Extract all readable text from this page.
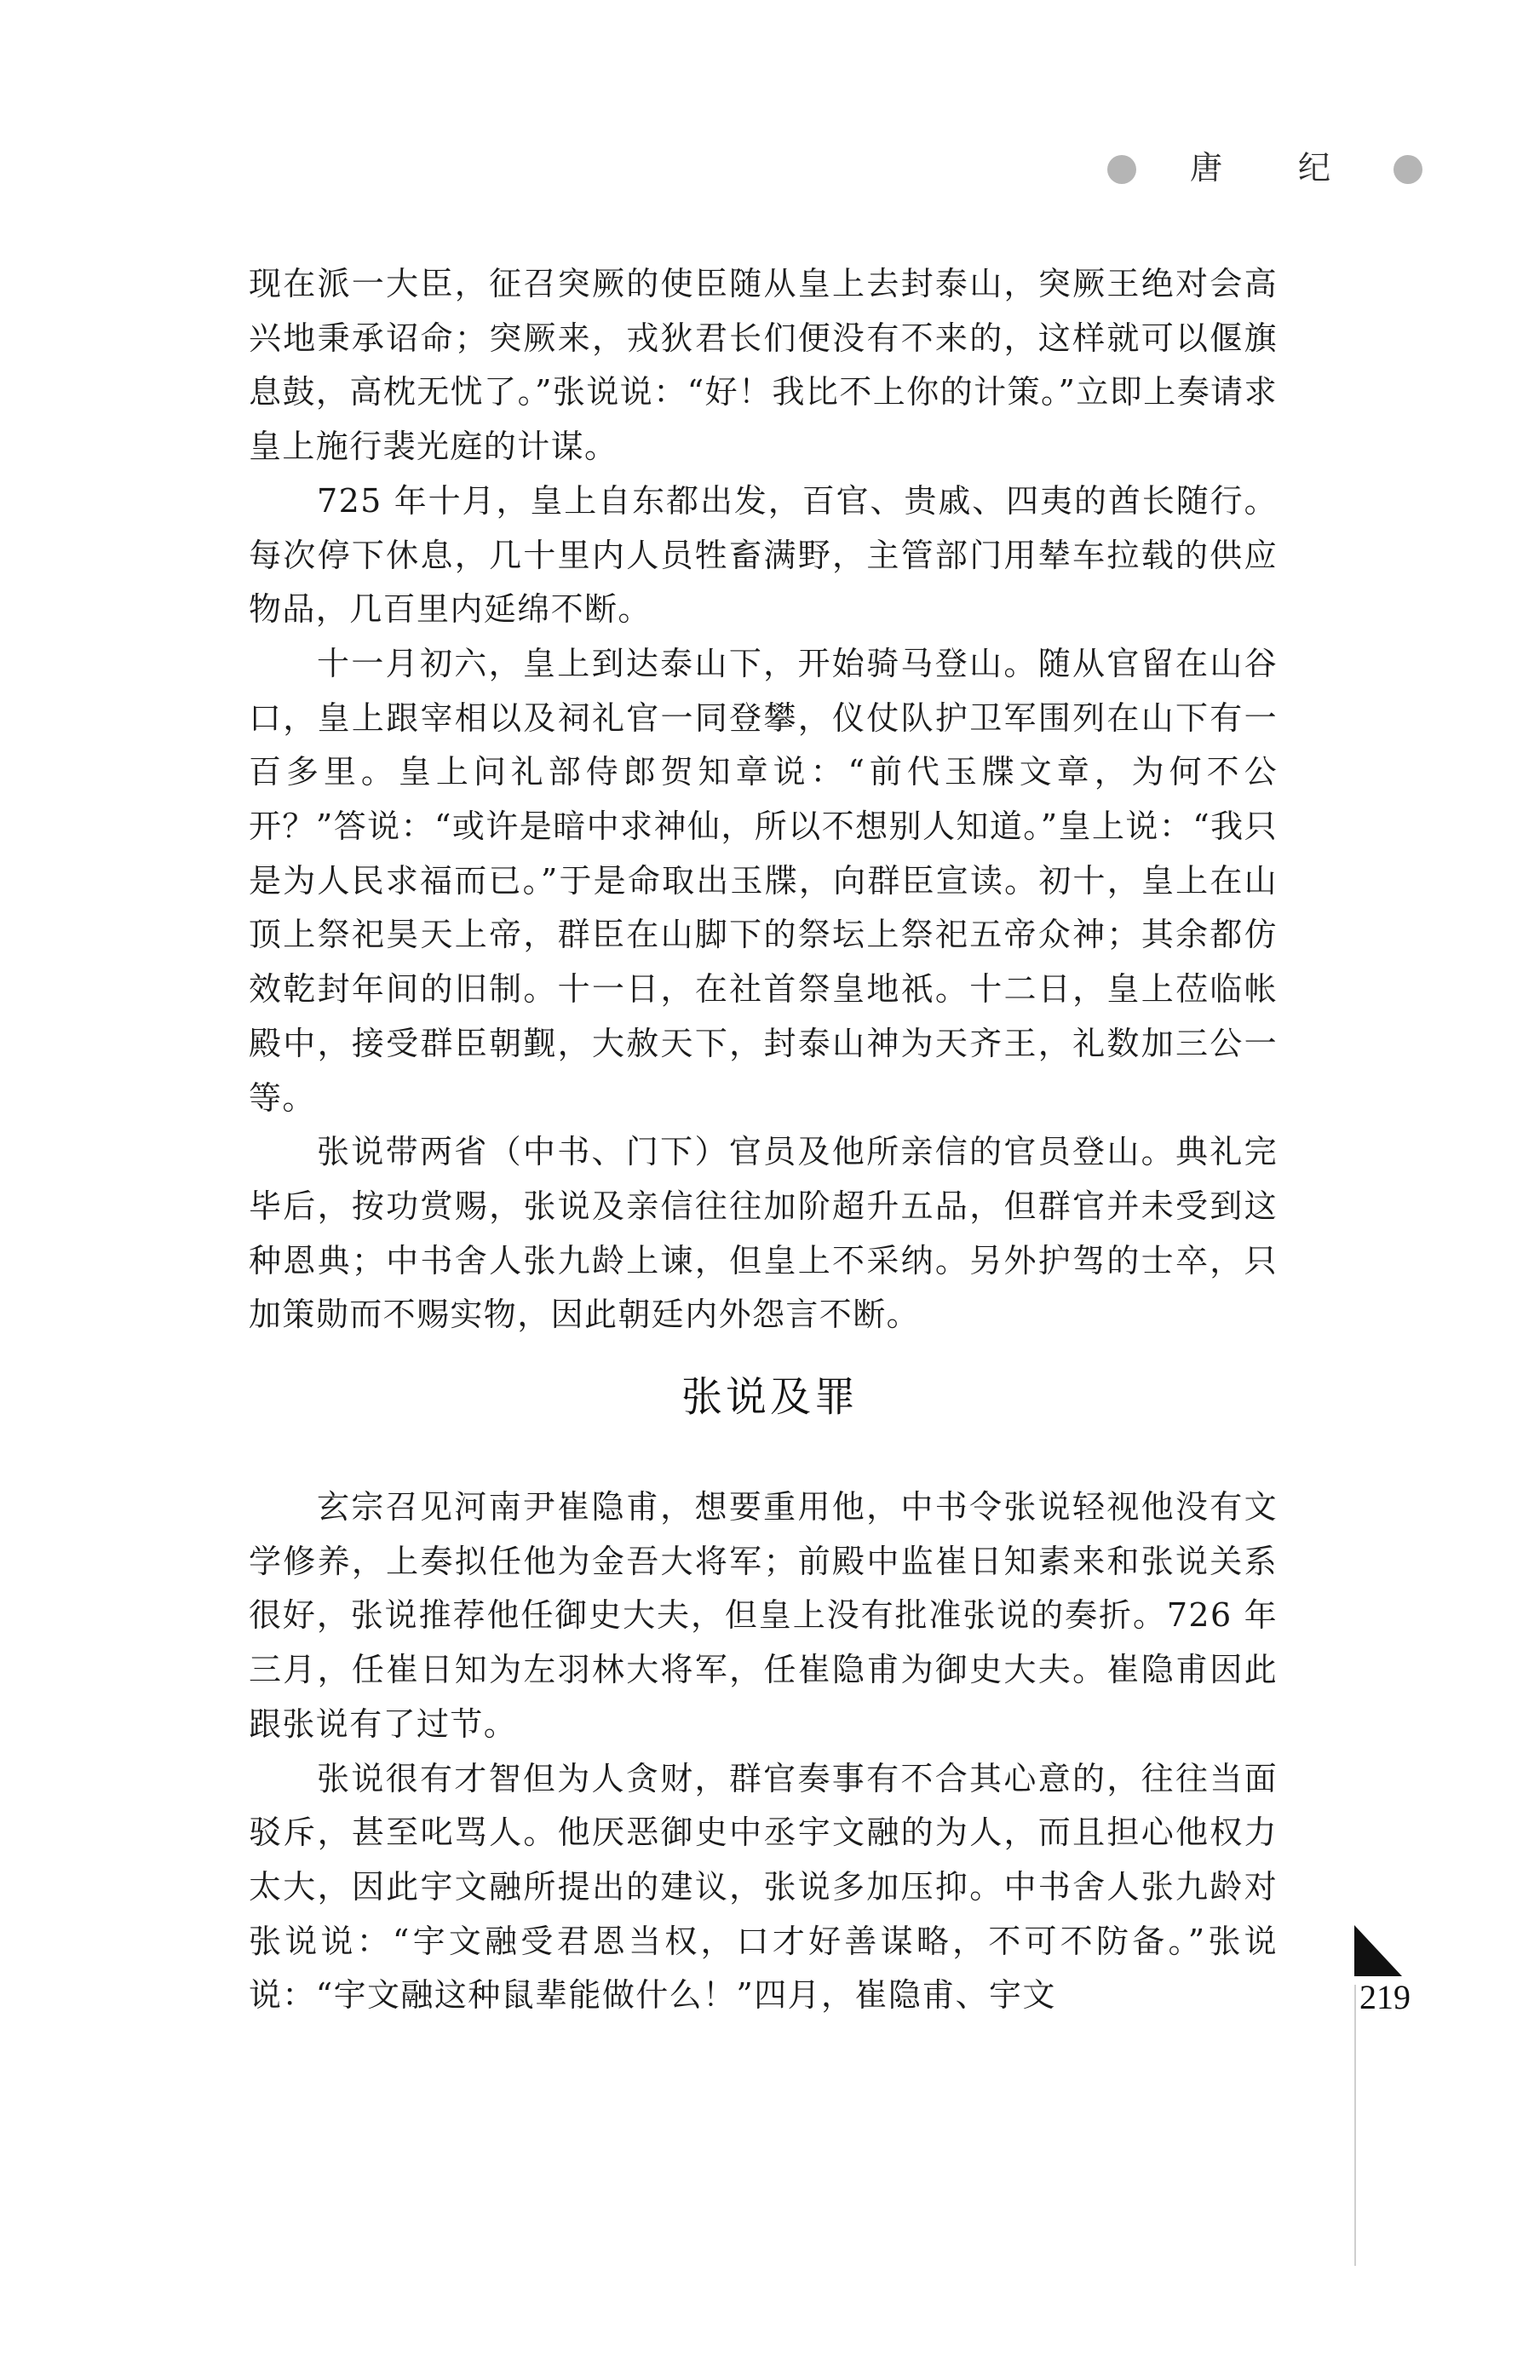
唐 纪

现在派一大臣，征召突厥的使臣随从皇上去封泰山，突厥王绝对会高兴地秉承诏命；突厥来，戎狄君长们便没有不来的，这样就可以偃旗息鼓，高枕无忧了。”张说说：“好！我比不上你的计策。”立即上奏请求皇上施行裴光庭的计谋。

725 年十月，皇上自东都出发，百官、贵戚、四夷的酋长随行。每次停下休息，几十里内人员牲畜满野，主管部门用辇车拉载的供应物品，几百里内延绵不断。

十一月初六，皇上到达泰山下，开始骑马登山。随从官留在山谷口，皇上跟宰相以及祠礼官一同登攀，仪仗队护卫军围列在山下有一百多里。皇上问礼部侍郎贺知章说：“前代玉牒文章，为何不公开？”答说：“或许是暗中求神仙，所以不想别人知道。”皇上说：“我只是为人民求福而已。”于是命取出玉牒，向群臣宣读。初十，皇上在山顶上祭祀昊天上帝，群臣在山脚下的祭坛上祭祀五帝众神；其余都仿效乾封年间的旧制。十一日，在社首祭皇地祇。十二日，皇上莅临帐殿中，接受群臣朝觐，大赦天下，封泰山神为天齐王，礼数加三公一等。

张说带两省（中书、门下）官员及他所亲信的官员登山。典礼完毕后，按功赏赐，张说及亲信往往加阶超升五品，但群官并未受到这种恩典；中书舍人张九龄上谏，但皇上不采纳。另外护驾的士卒，只加策勋而不赐实物，因此朝廷内外怨言不断。

张说及罪

玄宗召见河南尹崔隐甫，想要重用他，中书令张说轻视他没有文学修养，上奏拟任他为金吾大将军；前殿中监崔日知素来和张说关系很好，张说推荐他任御史大夫，但皇上没有批准张说的奏折。726 年三月，任崔日知为左羽林大将军，任崔隐甫为御史大夫。崔隐甫因此跟张说有了过节。

张说很有才智但为人贪财，群官奏事有不合其心意的，往往当面驳斥，甚至叱骂人。他厌恶御史中丞宇文融的为人，而且担心他权力太大，因此宇文融所提出的建议，张说多加压抑。中书舍人张九龄对张说说：“宇文融受君恩当权，口才好善谋略，不可不防备。”张说说：“宇文融这种鼠辈能做什么！”四月，崔隐甫、宇文	219
